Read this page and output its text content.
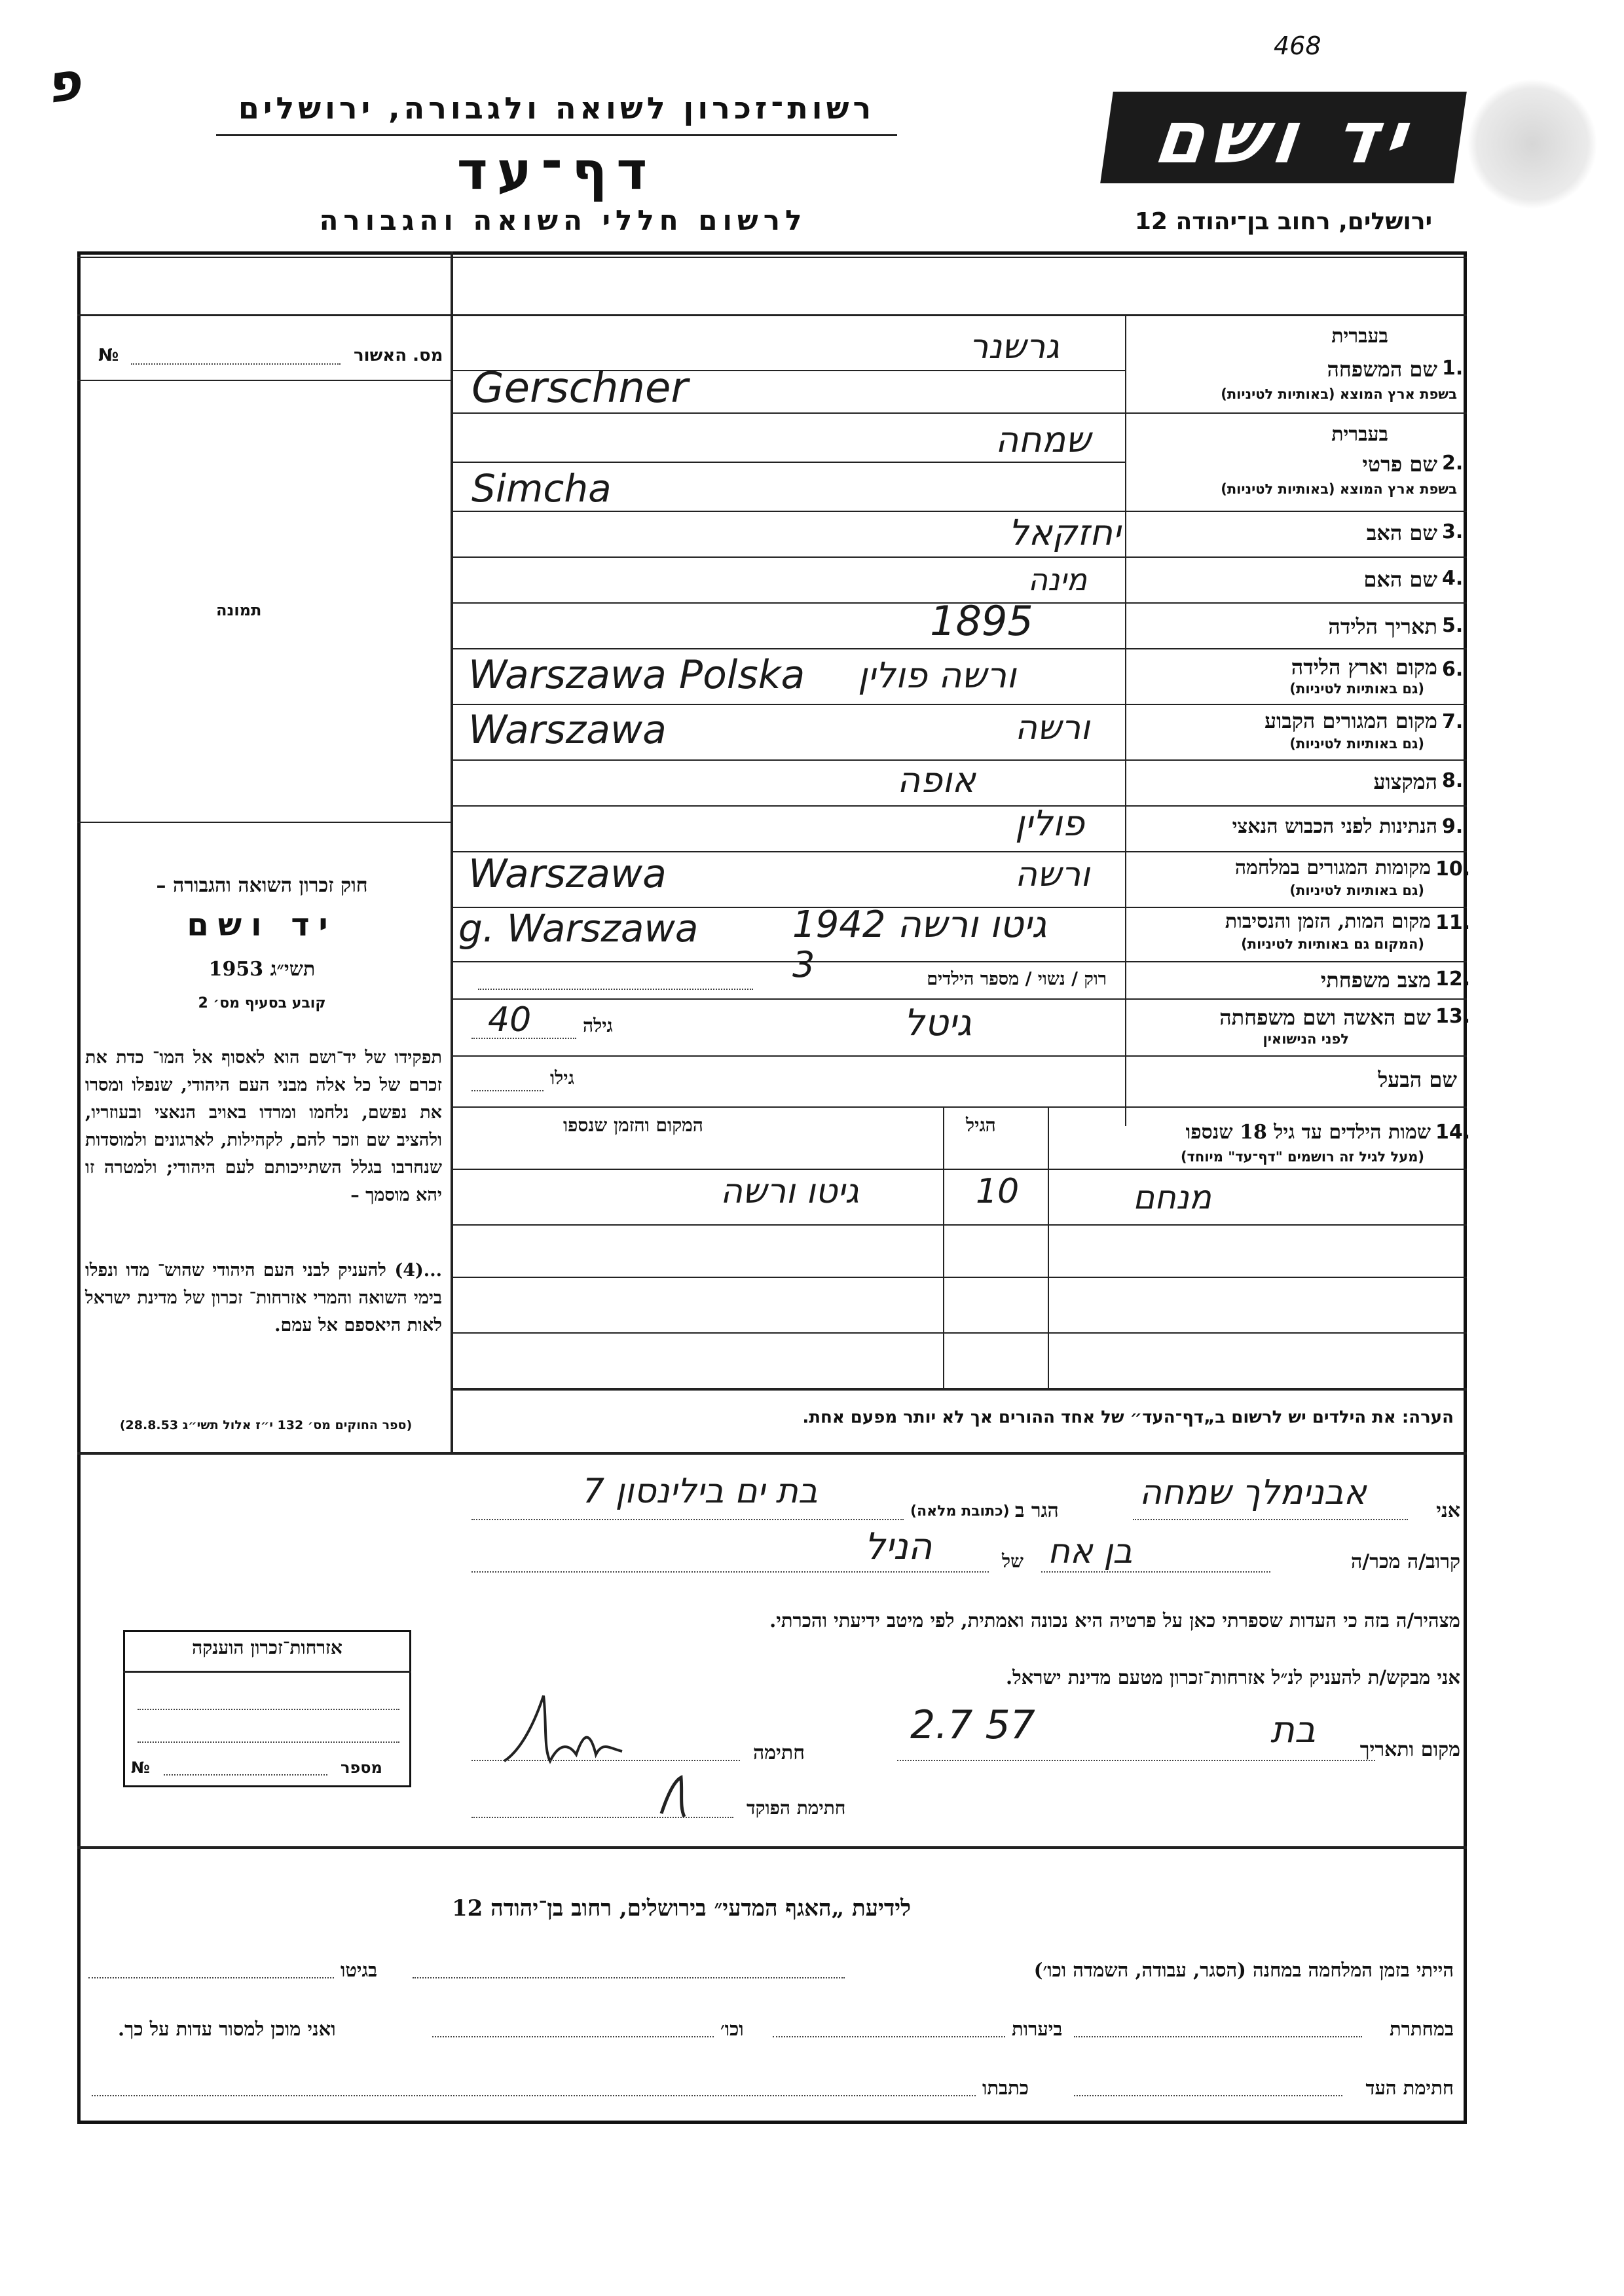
פ
468
רשות־זכרון לשואה ולגבורה, ירושלים
דף־עד
לרשום חללי השואה והגבורה
יד ושם
ירושלים, רחוב בן־יהודה 12
№	מס. האשור
תמונה
חוק זכרון השואה והגבורה –
יד ושם
תשי״ג 1953
קובע בסעיף מס׳ 2
תפקידו של יד־ושם הוא לאסוף אל המו־ כדת את זכרם של כל אלה מבני העם היהודי, שנפלו ומסרו את נפשם, נלחמו ומרדו באויב הנאצי ובעוזריו, ולהציב שם וזכר להם, לקהילות, לארגונים ולמוסדות שנחרבו בגלל השתייכותם לעם היהודי; ולמטרה זו יהא מוסמך –
...(4) להעניק לבני העם היהודי שהוש־ מדו ונפלו בימי השואה והמרי אזרחות־ זכרון של מדינת ישראל לאות היאספם אל עמם.
(ספר החוקים מס׳ 132 י״ז אלול תשי״ג 28.8.53)
בעברית
1.
שם המשפחה
בשפת ארץ המוצא (באותיות לטיניות)
גרשנר
Gerschner
בעברית
2.
שם פרטי
בשפת ארץ המוצא (באותיות לטיניות)
שמחה
Simcha
3.
שם האב
יחזקאל
4.
שם האם
מינה
5.
תאריך הלידה
1895
6.
מקום וארץ הלידה
(גם באותיות לטיניות)
ורשה פולין
Warszawa Polska
7.
מקום המגורים הקבוע
(גם באותיות לטיניות)
ורשה
Warszawa
8.
המקצוע
אופה
9.
הנתינות לפני הכבוש הנאצי
פולין
10.
מקומות המגורים במלחמה
(גם באותיות לטיניות)
ורשה
Warszawa
11.
מקום המות, הזמן והנסיבות
(המקום גם באותיות לטיניות)
גיטו ורשה 1942
g. Warszawa
12.
מצב משפחתי
רוק / נשוי / מספר הילדים
3
13.
שם האשה ושם משפחתה
לפני הנישואין
גיטל
גילה
40
שם הבעל
גילו
14.
שמות הילדים עד גיל 18 שנספו
(מעל לגיל זה רושמים "דף־עד" מיוחד)
הגיל
המקום והזמן שנספו
מנחם
10
גיטו ורשה
הערה: את הילדים יש לרשום ב„דף־העד״ של אחד ההורים אך לא יותר מפעם אחת.
אני
אבנימלך שמחה
הגר ב
(כתובת מלאה)
בת ים בילינסון 7
קרוב/ה מכר/ה
בן אח
של
הניל
מצהיר/ה בזה כי העדות שספרתי כאן על פרטיה היא נכונה ואמתית, לפי מיטב ידיעתי והכרתי.
אני מבקש/ת להעניק לנ״ל אזרחות־זכרון מטעם מדינת ישראל.
אזרחות־זכרון הוענקה
№	מספר
מקום ותאריך
בת
2.7 57
חתימה
חתימת הפוקד
לידיעת „האגף המדעי״ בירושלים, רחוב בן־יהודה 12
הייתי בזמן המלחמה במחנה (הסגר, עבודה, השמדה וכו׳)
בגיטו
במחתרת
ביערות
וכו׳
ואני מוכן למסור עדות על כך.
חתימת העד
כתבתו
